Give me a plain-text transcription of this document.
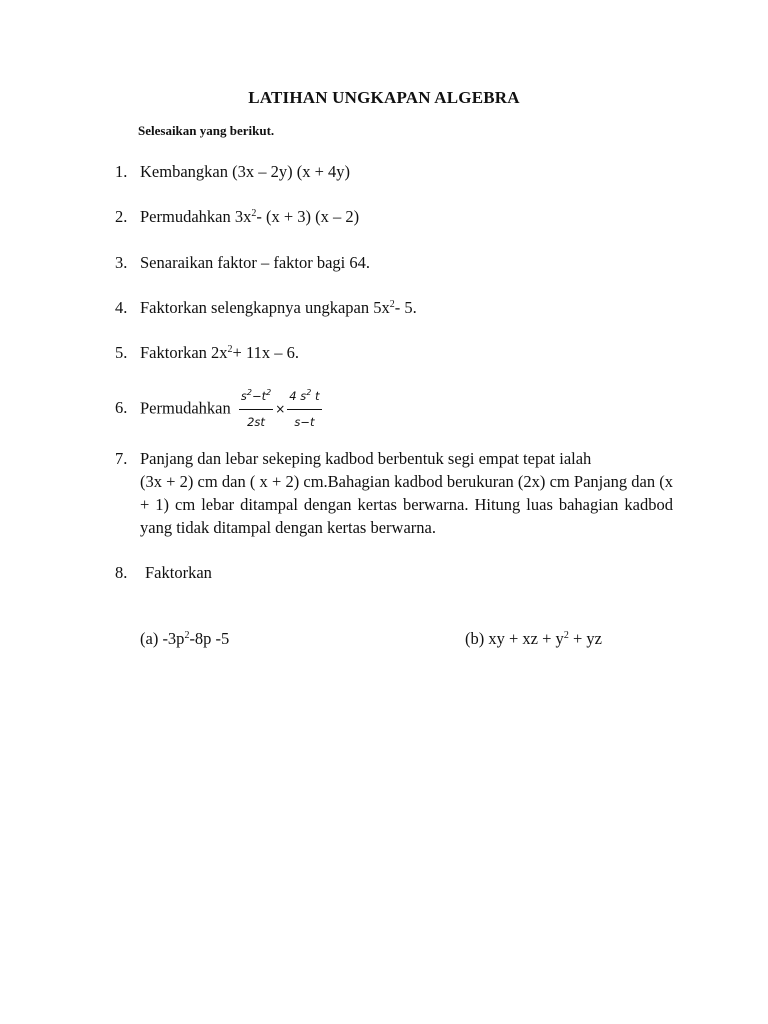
LATIHAN UNGKAPAN ALGEBRA
Selesaikan yang berikut.
1. Kembangkan (3x – 2y) (x + 4y)
2. Permudahkan $3x^2-$ (x + 3) (x – 2)
3. Senaraikan faktor – faktor bagi 64.
4. Faktorkan selengkapnya ungkapan $5x^2-$ 5.
5. Faktorkan $2x^2+ 11x - 6$.
6. Permudahkan $\frac{s^2-t^2}{2st} \times \frac{4 s^2 t}{s-t}$
7. Panjang dan lebar sekeping kadbod berbentuk segi empat tepat ialah
(3x + 2) cm dan ( x + 2) cm.Bahagian kadbod berukuran (2x) cm Panjang dan (x + 1) cm lebar ditampal dengan kertas berwarna. Hitung luas bahagian kadbod yang tidak ditampal dengan kertas berwarna.
8. Faktorkan
(a) $-3p^2-8p$ -5	(b) xy + xz + $y^2$ + yz
